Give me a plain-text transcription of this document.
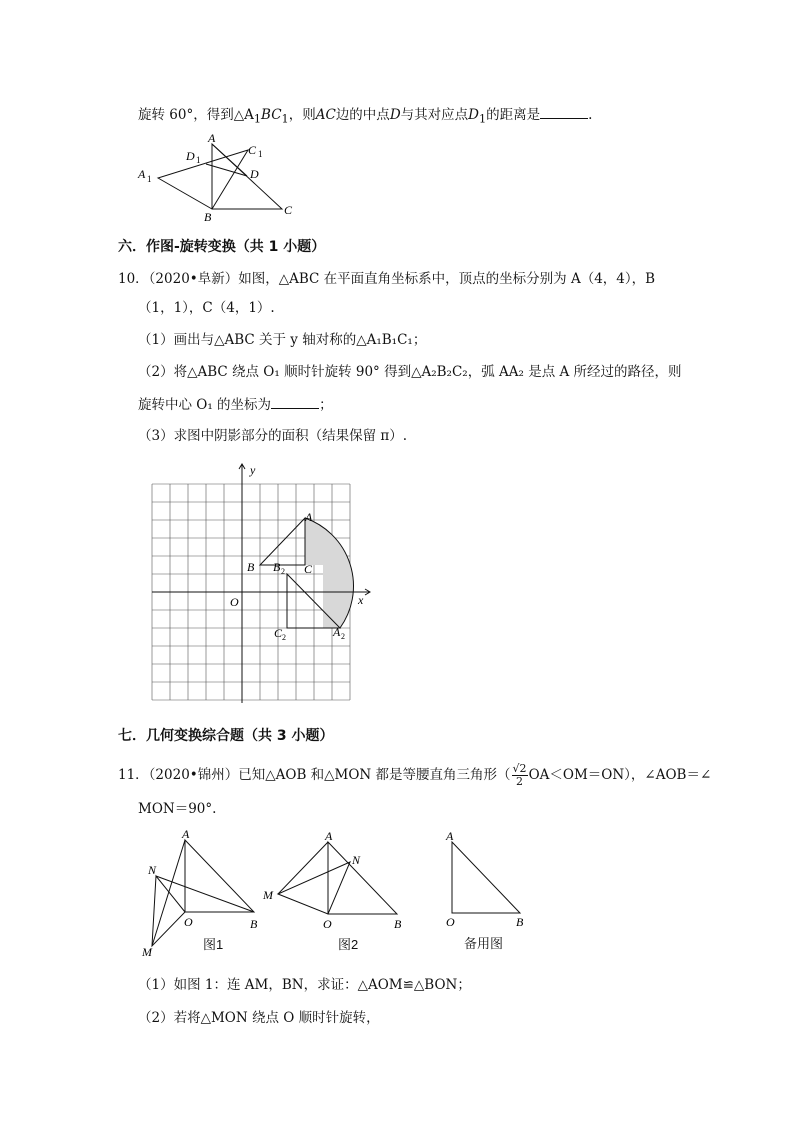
旋转 60°，得到$\triangle A_1BC_1$，则AC边的中点D与其对应点$D_1$的距离是	.
A
D 1
C 1
A 1	D
B	C
六．作图-旋转变换（共 1 小题）
10．（2020•阜新）如图，△ABC 在平面直角坐标系中，顶点的坐标分别为 A（4，4），B
（1，1），C（4，1）.
（1）画出与△ABC 关于 y 轴对称的△A₁B₁C₁；
（2）将△ABC 绕点 O₁ 顺时针旋转 90° 得到△A₂B₂C₂，弧 AA₂ 是点 A 所经过的路径，则
旋转中心 O₁ 的坐标为	；
（3）求图中阴影部分的面积（结果保留 π）.
y
x
O
A
B B 2 C
C 2	A 2
七．几何变换综合题（共 3 小题）
11．（2020•锦州）已知△AOB 和△MON 都是等腰直角三角形（ $\frac{√2}{2} OA<OM=ON$），∠AOB＝∠
MON＝90°.
A
N
O	B
M	图1
A
N
M
O	B
图2
A
O	B
备用图
（1）如图 1：连 AM，BN，求证：△AOM≌△BON；
（2）若将△MON 绕点 O 顺时针旋转，
